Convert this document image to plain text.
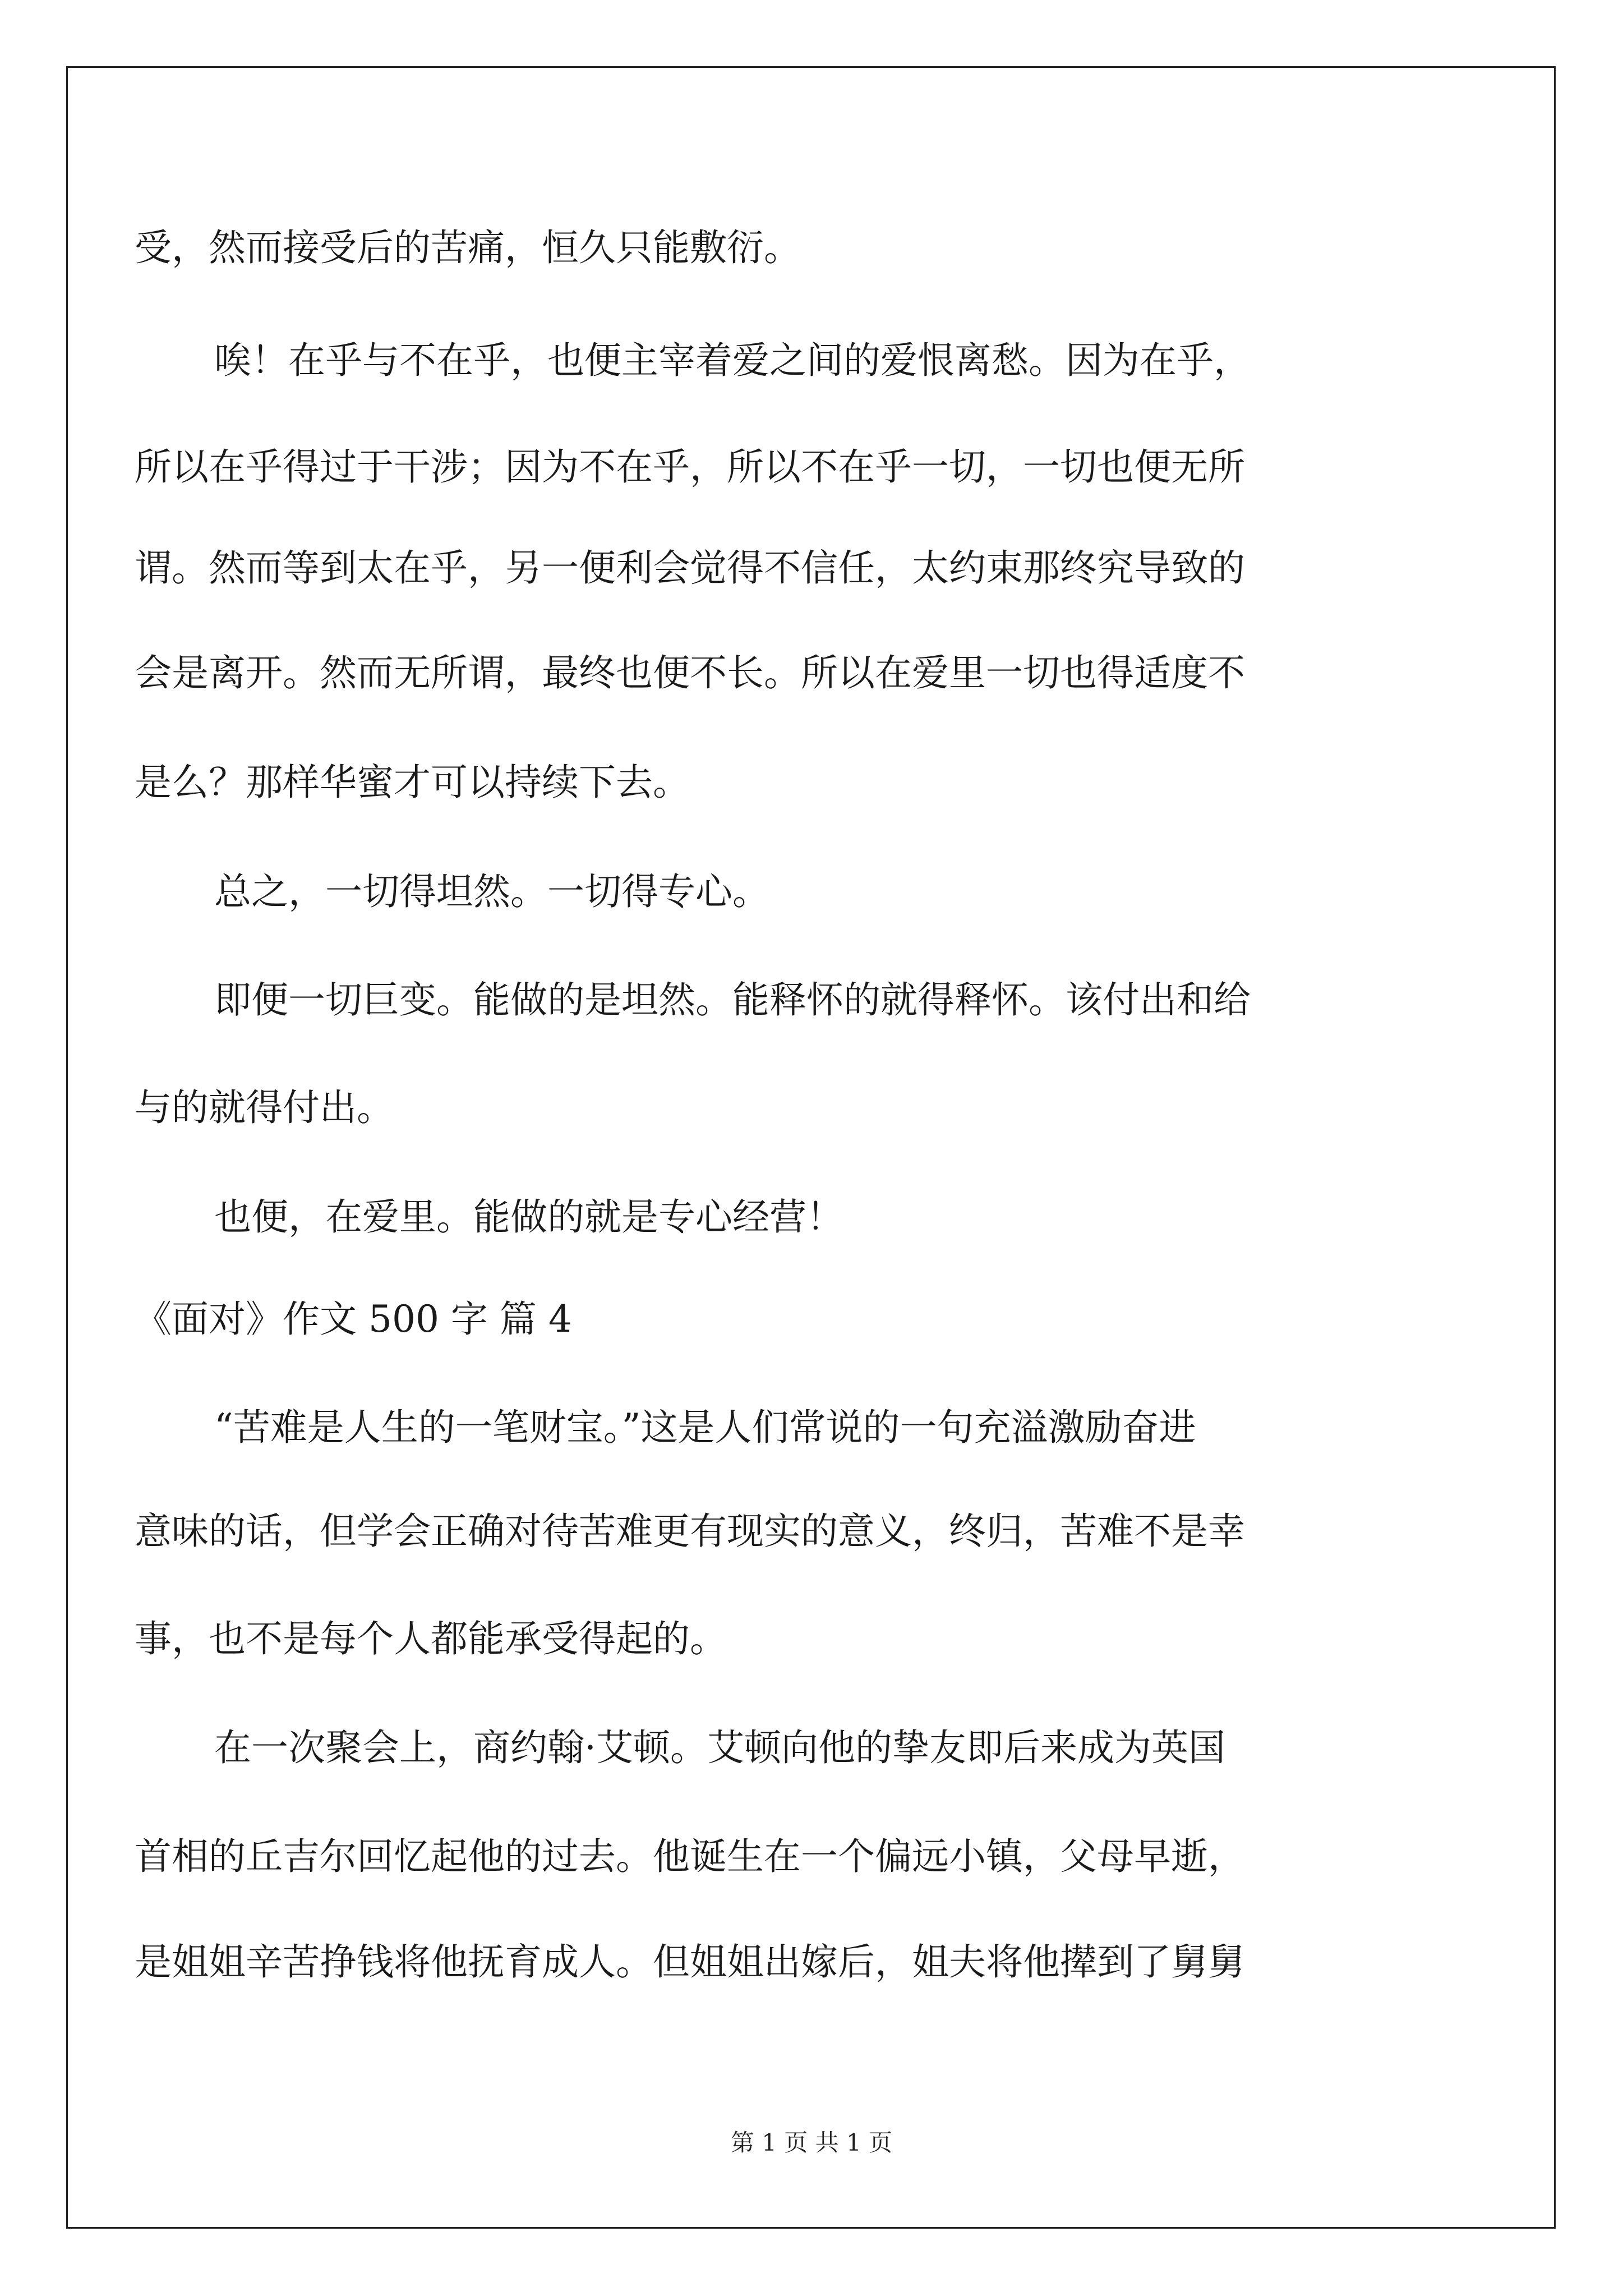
受，然而接受后的苦痛，恒久只能敷衍。
唉！在乎与不在乎，也便主宰着爱之间的爱恨离愁。因为在乎，
所以在乎得过于干涉；因为不在乎，所以不在乎一切，一切也便无所
谓。然而等到太在乎，另一便利会觉得不信任，太约束那终究导致的
会是离开。然而无所谓，最终也便不长。所以在爱里一切也得适度不
是么？那样华蜜才可以持续下去。
总之，一切得坦然。一切得专心。
即便一切巨变。能做的是坦然。能释怀的就得释怀。该付出和给
与的就得付出。
也便，在爱里。能做的就是专心经营！
《面对》作文 500 字 篇 4
“苦难是人生的一笔财宝。”这是人们常说的一句充溢激励奋进
意味的话，但学会正确对待苦难更有现实的意义，终归，苦难不是幸
事，也不是每个人都能承受得起的。
在一次聚会上，商约翰·艾顿。艾顿向他的挚友即后来成为英国
首相的丘吉尔回忆起他的过去。他诞生在一个偏远小镇，父母早逝，
是姐姐辛苦挣钱将他抚育成人。但姐姐出嫁后，姐夫将他撵到了舅舅
第 1 页 共 1 页
